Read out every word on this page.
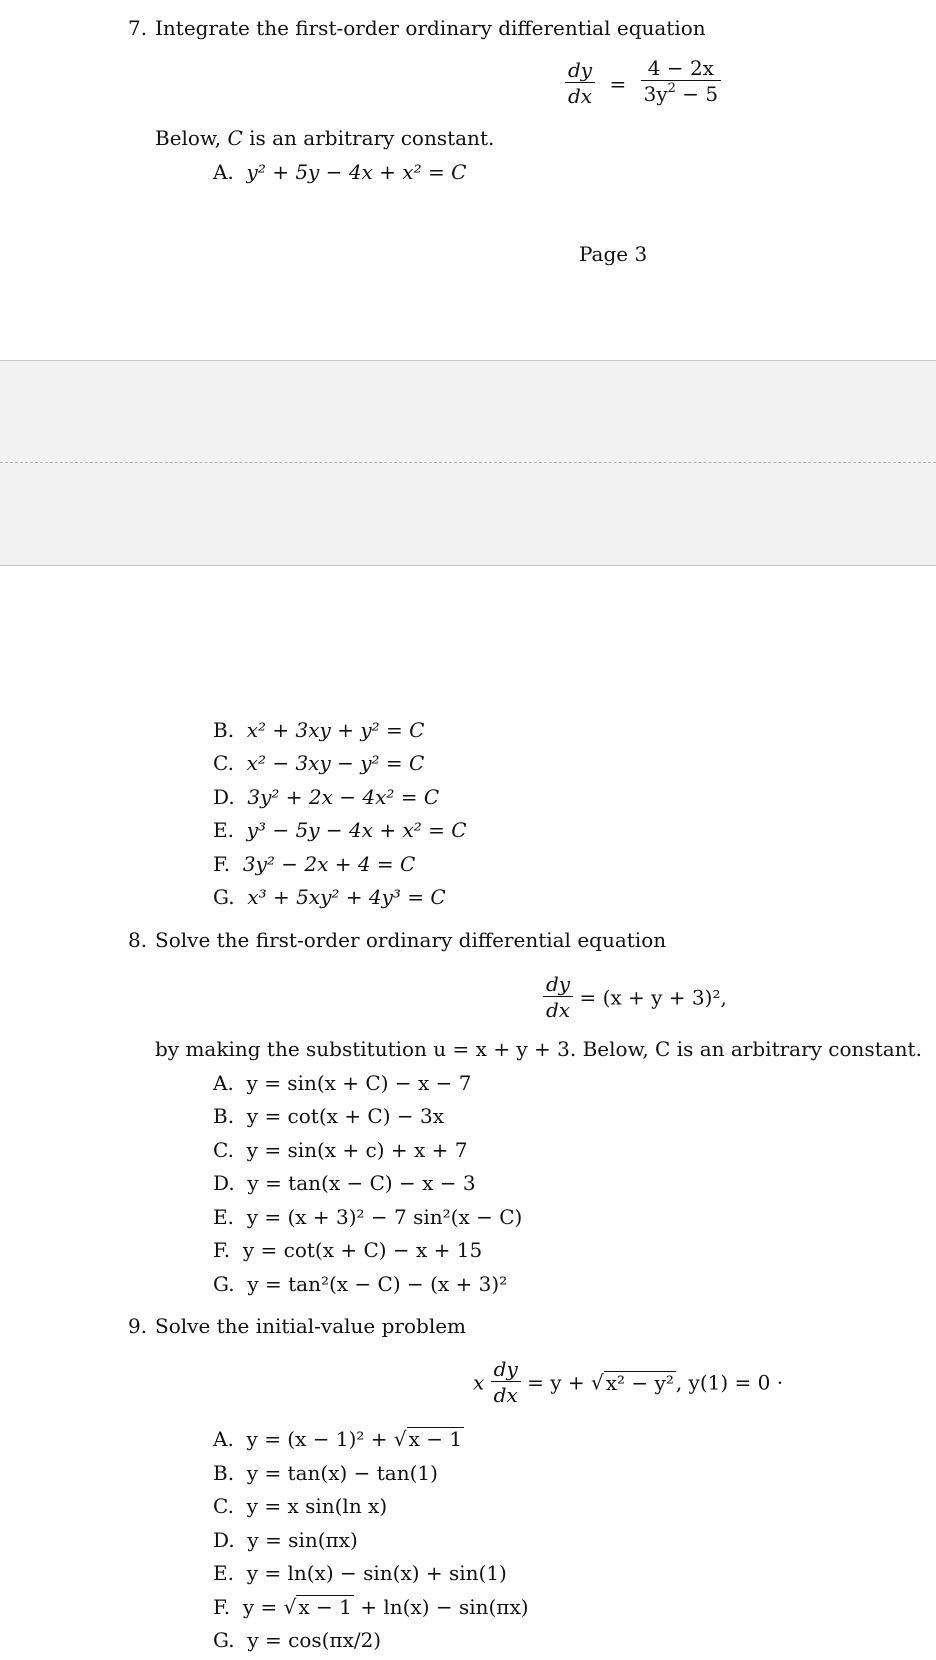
7. Integrate the first-order ordinary differential equation
$\frac{dy}{dx} = \frac{4 - 2x}{3y^2 - 5}$
Below, C is an arbitrary constant.
A. y² + 5y − 4x + x² = C
Page 3
B. x² + 3xy + y² = C
C. x² − 3xy − y² = C
D. 3y² + 2x − 4x² = C
E. y³ − 5y − 4x + x² = C
F. 3y² − 2x + 4 = C
G. x³ + 5xy² + 4y³ = C
8. Solve the first-order ordinary differential equation
$\frac{dy}{dx} = (x + y + 3)^2$,
by making the substitution u = x + y + 3. Below, C is an arbitrary constant.
A. y = sin(x + C) − x − 7
B. y = cot(x + C) − 3x
C. y = sin(x + c) + x + 7
D. y = tan(x − C) − x − 3
E. y = (x + 3)² − 7 sin²(x − C)
F. y = cot(x + C) − x + 15
G. y = tan²(x − C) − (x + 3)²
9. Solve the initial-value problem
x $\frac{dy}{dx} = y$ + √ x² − y² , y(1) = 0 ·
A. y = (x − 1)² + √ x − 1
B. y = tan(x) − tan(1)
C. y = x sin(ln x)
D. y = sin(πx)
E. y = ln(x) − sin(x) + sin(1)
F. y = √ x − 1 + ln(x) − sin(πx)
G. y = cos(πx/2)
